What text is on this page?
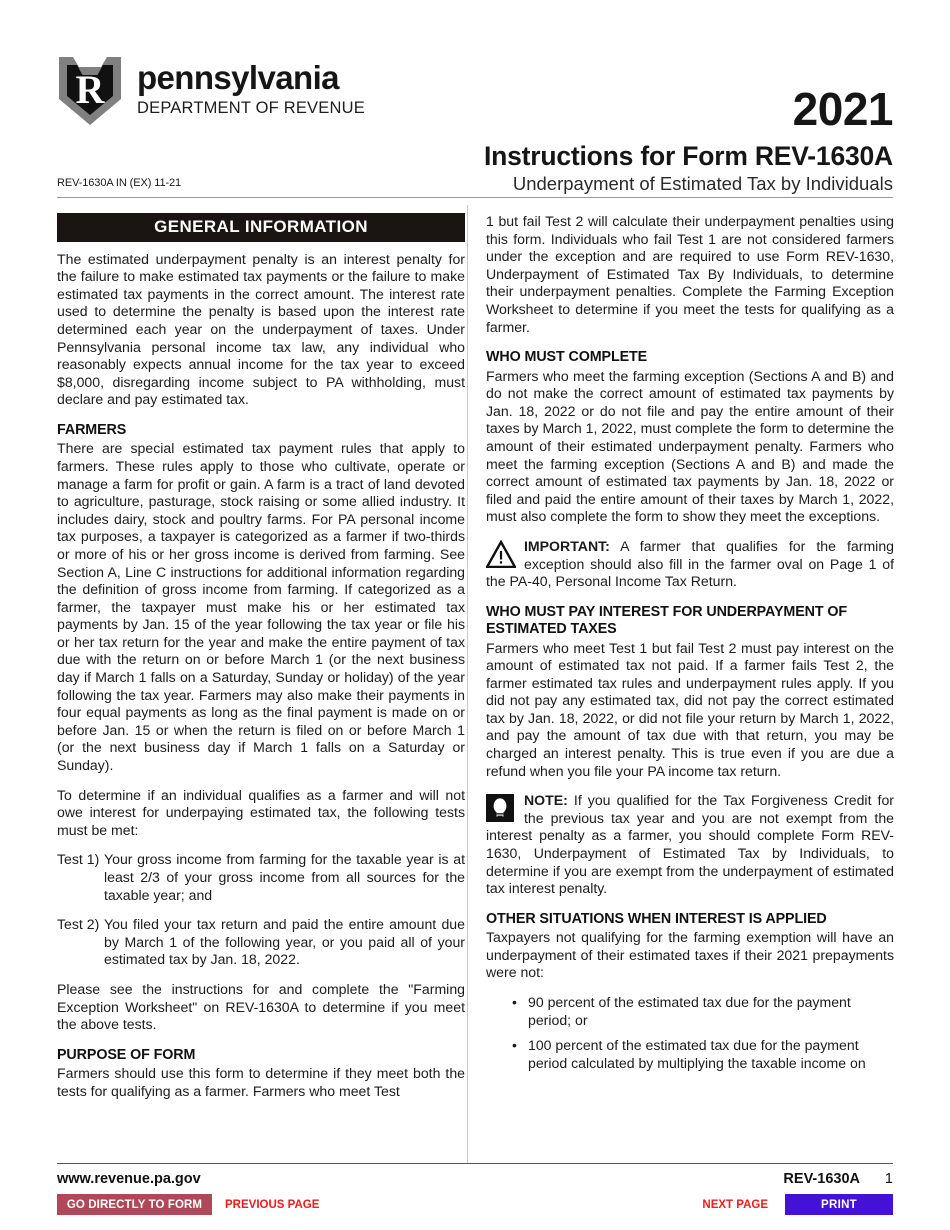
R pennsylvania
DEPARTMENT OF REVENUE	2021
Instructions for Form REV-1630A
Underpayment of Estimated Tax by Individuals
REV-1630A IN (EX) 11-21
GENERAL INFORMATION

The estimated underpayment penalty is an interest penalty for the failure to make estimated tax payments or the failure to make estimated tax payments in the correct amount. The interest rate used to determine the penalty is based upon the interest rate determined each year on the underpayment of taxes. Under Pennsylvania personal income tax law, any individual who reasonably expects annual income for the tax year to exceed $8,000, disregarding income subject to PA withholding, must declare and pay estimated tax.

FARMERS

There are special estimated tax payment rules that apply to farmers. These rules apply to those who cultivate, operate or manage a farm for profit or gain. A farm is a tract of land devoted to agriculture, pasturage, stock raising or some allied industry. It includes dairy, stock and poultry farms. For PA personal income tax purposes, a taxpayer is categorized as a farmer if two-thirds or more of his or her gross income is derived from farming. See Section A, Line C instructions for additional information regarding the definition of gross income from farming. If categorized as a farmer, the taxpayer must make his or her estimated tax payments by Jan. 15 of the year following the tax year or file his or her tax return for the year and make the entire payment of tax due with the return on or before March 1 (or the next business day if March 1 falls on a Saturday, Sunday or holiday) of the year following the tax year. Farmers may also make their payments in four equal payments as long as the final payment is made on or before Jan. 15 or when the return is filed on or before March 1 (or the next business day if March 1 falls on a Saturday or Sunday).

To determine if an individual qualifies as a farmer and will not owe interest for underpaying estimated tax, the following tests must be met:

Test 1) Your gross income from farming for the taxable year is at least 2/3 of your gross income from all sources for the taxable year; and
Test 2) You filed your tax return and paid the entire amount due by March 1 of the following year, or you paid all of your estimated tax by Jan. 18, 2022.

Please see the instructions for and complete the "Farming Exception Worksheet" on REV-1630A to determine if you meet the above tests.

PURPOSE OF FORM

Farmers should use this form to determine if they meet both the tests for qualifying as a farmer. Farmers who meet Test

1 but fail Test 2 will calculate their underpayment penalties using this form. Individuals who fail Test 1 are not considered farmers under the exception and are required to use Form REV-1630, Underpayment of Estimated Tax By Individuals, to determine their underpayment penalties. Complete the Farming Exception Worksheet to determine if you meet the tests for qualifying as a farmer.

WHO MUST COMPLETE

Farmers who meet the farming exception (Sections A and B) and do not make the correct amount of estimated tax payments by Jan. 18, 2022 or do not file and pay the entire amount of their taxes by March 1, 2022, must complete the form to determine the amount of their estimated underpayment penalty. Farmers who meet the farming exception (Sections A and B) and made the correct amount of estimated tax payments by Jan. 18, 2022 or filed and paid the entire amount of their taxes by March 1, 2022, must also complete the form to show they meet the exceptions.

IMPORTANT: A farmer that qualifies for the farming exception should also fill in the farmer oval on Page 1 of the PA-40, Personal Income Tax Return.
WHO MUST PAY INTEREST FOR UNDERPAYMENT OF ESTIMATED TAXES

Farmers who meet Test 1 but fail Test 2 must pay interest on the amount of estimated tax not paid. If a farmer fails Test 2, the farmer estimated tax rules and underpayment rules apply. If you did not pay any estimated tax, did not pay the correct estimated tax by Jan. 18, 2022, or did not file your return by March 1, 2022, and pay the amount of tax due with that return, you may be charged an interest penalty. This is true even if you are due a refund when you file your PA income tax return.

NOTE: If you qualified for the Tax Forgiveness Credit for the previous tax year and you are not exempt from the interest penalty as a farmer, you should complete Form REV-1630, Underpayment of Estimated Tax by Individuals, to determine if you are exempt from the underpayment of estimated tax interest penalty.
OTHER SITUATIONS WHEN INTEREST IS APPLIED

Taxpayers not qualifying for the farming exemption will have an underpayment of their estimated taxes if their 2021 prepayments were not:

• 90 percent of the estimated tax due for the payment period; or
• 100 percent of the estimated tax due for the payment period calculated by multiplying the taxable income on
www.revenue.pa.gov	REV-1630A 1
GO DIRECTLY TO FORM	PREVIOUS PAGE	NEXT PAGE	PRINT
